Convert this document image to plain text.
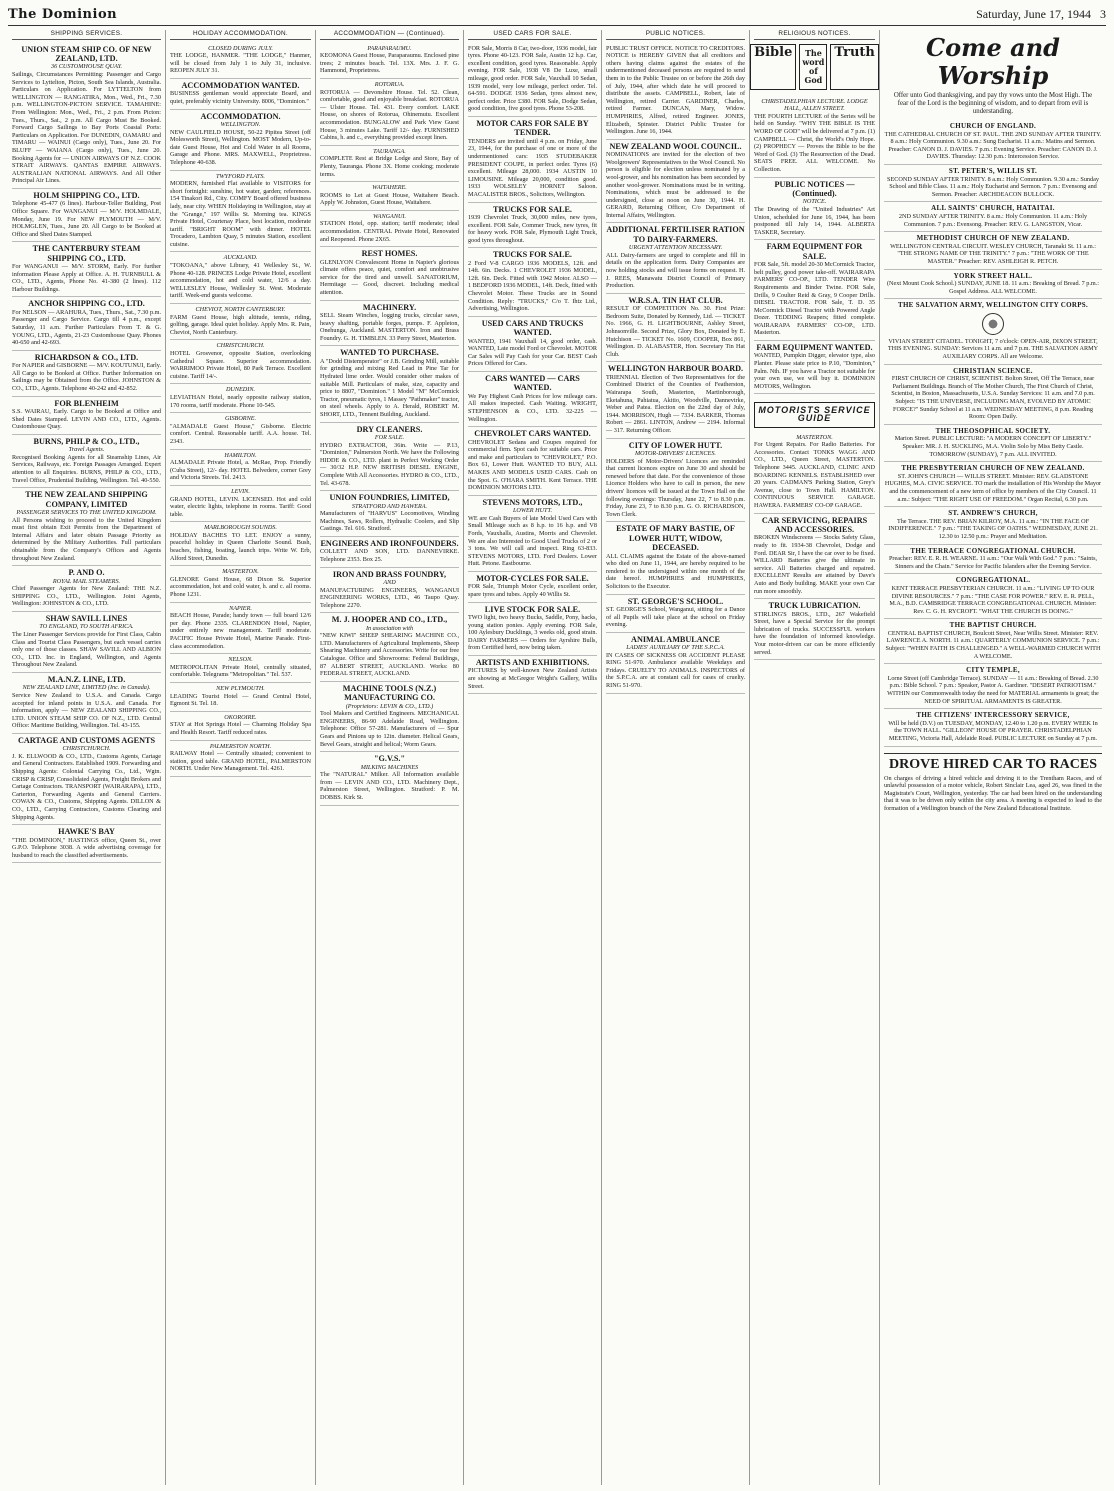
The Dominion	Saturday, June 17, 1944 3
SHIPPING SERVICES.
UNION STEAM SHIP CO. OF NEW ZEALAND, LTD.
36 CUSTOMHOUSE QUAY.

Sailings, Circumstances Permitting: Passenger and Cargo Services to Lyttelton, Picton, South Sea Islands, Australia. Particulars on Application. For LYTTELTON from WELLINGTON — RANGATIRA, Mon., Wed., Fri., 7.30 p.m. WELLINGTON-PICTON SERVICE. TAMAHINE: From Wellington: Mon., Wed., Fri., 2 p.m. From Picton: Tues., Thurs., Sat., 2 p.m. All Cargo Must Be Booked. Forward Cargo Sailings to Bay Ports Coastal Ports: Particulars on Application. For DUNEDIN, OAMARU and TIMARU — WAINUI (Cargo only), Tues., June 20. For BLUFF — WAIANA (Cargo only), Tues., June 20. Booking Agents for — UNION AIRWAYS OF N.Z. COOK STRAIT AIRWAYS. QANTAS EMPIRE AIRWAYS. AUSTRALIAN NATIONAL AIRWAYS. And All Other Principal Air Lines.

HOLM SHIPPING CO., LTD.

Telephone 45-477 (6 lines). Harbour-Teller Building, Post Office Square. For WANGANUI — M/V. HOLMDALE, Monday, June 19. For NEW PLYMOUTH — M/V. HOLMGLEN, Tues., June 20. All Cargo to be Booked at Office and Shed Dates Stamped.

THE CANTERBURY STEAM SHIPPING CO., LTD.

For WANGANUI — M/V. STORM, Early. For further information Please Apply at Office. A. H. TURNBULL & CO., LTD., Agents, Phone No. 41-380 (2 lines). 112 Harbour Buildings.

ANCHOR SHIPPING CO., LTD.

For NELSON — ARAHURA, Tues., Thurs., Sat., 7.30 p.m. Passenger and Cargo Service. Cargo till 4 p.m., except Saturday, 11 a.m. Further Particulars From T. & G. YOUNG, LTD., Agents, 21-23 Customhouse Quay. Phones 40-650 and 42-693.

RICHARDSON & CO., LTD.

For NAPIER and GISBORNE — M/V. KOUTUNUI, Early. All Cargo to be Booked at Office. Further Information on Sailings may be Obtained from the Office. JOHNSTON & CO., LTD., Agents. Telephone 40-242 and 42-852.

FOR BLENHEIM

S.S. WAIRAU, Early. Cargo to be Booked at Office and Shed Dates Stamped. LEVIN AND CO., LTD., Agents. Customhouse Quay.

BURNS, PHILP & CO., LTD.,
Travel Agents.

Recognised Booking Agents for all Steamship Lines, Air Services, Railways, etc. Foreign Passages Arranged. Expert attention to all Enquiries. BURNS, PHILP & CO., LTD., Travel Office, Prudential Building, Wellington. Tel. 40-550.

THE NEW ZEALAND SHIPPING COMPANY, LIMITED
PASSENGER SERVICES TO THE UNITED KINGDOM.

All Persons wishing to proceed to the United Kingdom must first obtain Exit Permits from the Department of Internal Affairs and later obtain Passage Priority as determined by the Military Authorities. Full particulars obtainable from the Company's Offices and Agents throughout New Zealand.

P. AND O.
ROYAL MAIL STEAMERS.

Chief Passenger Agents for New Zealand: THE N.Z. SHIPPING CO., LTD., Wellington. Joint Agents, Wellington: JOHNSTON & CO., LTD.

SHAW SAVILL LINES
TO ENGLAND, TO SOUTH AFRICA.

The Liner Passenger Services provide for First Class, Cabin Class and Tourist Class Passengers, but each vessel carries only one of those classes. SHAW SAVILL AND ALBION CO., LTD. Inc. in England, Wellington, and Agents Throughout New Zealand.

M.A.N.Z. LINE, LTD.
NEW ZEALAND LINE, LIMITED (Inc. in Canada).

Service New Zealand to U.S.A. and Canada. Cargo accepted for inland points in U.S.A. and Canada. For information, apply — NEW ZEALAND SHIPPING CO., LTD. UNION STEAM SHIP CO. OF N.Z., LTD. Central Office: Maritime Building, Wellington. Tel. 43-155.

CARTAGE AND CUSTOMS AGENTS
CHRISTCHURCH.

J. K. ELLWOOD & CO., LTD., Customs Agents, Cartage and General Contractors. Established 1909. Forwarding and Shipping Agents: Colonial Carrying Co., Ltd., Wgtn. CRISP & CRISP, Consolidated Agents, Freight Brokers and Cartage Contractors. TRANSPORT (WAIRARAPA), LTD., Carterton, Forwarding Agents and General Carriers. COWAN & CO., Customs, Shipping Agents. DILLON & CO., LTD., Carrying Contractors, Customs Clearing and Shipping Agents.

HAWKE'S BAY

"THE DOMINION," HASTINGS office, Queen St., over G.P.O. Telephone 3038. A wide advertising coverage for husband to reach the classified advertisements.

HOLIDAY ACCOMMODATION.
CLOSED DURING JULY.

THE LODGE, HANMER. "THE LODGE," Hanmer, will be closed from July 1 to July 31, inclusive. REOPEN JULY 31.

ACCOMMODATION WANTED.

BUSINESS gentleman would appreciate Board, and quiet, preferably vicinity University. 8006, "Dominion."

ACCOMMODATION.
WELLINGTON.

NEW CAULFIELD HOUSE, 50-22 Pipitea Street (off Molesworth Street), Wellington. MOST Modern, Up-to-date Guest House, Hot and Cold Water in all Rooms, Garage and Phone. MRS. MAXWELL, Proprietress. Telephone 40-638.

TWYFORD FLATS.

MODERN, furnished Flat available to VISITORS for short fortnight: sunshine, hot water, garden; references. 154 Tinakori Rd., City. COMFY Board offered business lady, near city. WHEN Holidaying in Wellington, stay at the "Grange," 197 Willis St. Morning tea. KINGS Private Hotel, Courtenay Place, best location, moderate tariff. "BRIGHT ROOM" with dinner. HOTEL Trocadero, Lambton Quay, 5 minutes Station, excellent cuisine.

AUCKLAND.

"TOKOANA," above Library, 41 Wellesley St., W. Phone 40-128. PRINCES Lodge Private Hotel, excellent accommodation, hot and cold water, 12/6 a day. WELLESLEY House, Wellesley St. West. Moderate tariff. Week-end guests welcome.

CHEVIOT, NORTH CANTERBURY.

FARM Guest House, high altitude, tennis, riding, golfing, garage. Ideal quiet holiday. Apply Mrs. R. Pain, Cheviot, North Canterbury.

CHRISTCHURCH.

HOTEL Grosvenor, opposite Station, overlooking Cathedral Square. Superior accommodation. WARRIMOO Private Hotel, 80 Park Terrace. Excellent cuisine. Tariff 14/-.

DUNEDIN.

LEVIATHAN Hotel, nearly opposite railway station, 170 rooms, tariff moderate. Phone 10-545.

GISBORNE.

"ALMADALE Guest House," Gisborne. Electric comfort. Central. Reasonable tariff. A.A. house. Tel. 2343.

HAMILTON.

ALMADALE Private Hotel, a. McRae, Prop. Friendly (Cuba Street), 12/- day. HOTEL Belvedere, corner Grey and Victoria Streets. Tel. 2413.

LEVIN.

GRAND HOTEL, LEVIN. LICENSED. Hot and cold water, electric lights, telephone in rooms. Tariff: Good table.

MARLBOROUGH SOUNDS.

HOLIDAY BACHES TO LET. ENJOY a sunny, peaceful holiday in Queen Charlotte Sound. Bush, beaches, fishing, boating, launch trips. Write W. Erb, Alford Street, Dunedin.

MASTERTON.

GLENORE Guest House, 68 Dixon St. Superior accommodation, hot and cold water, h. and c. all rooms. Phone 1231.

NAPIER.

BEACH House, Parade; handy town — full board 12/6 per day. Phone 2335. CLARENDON Hotel, Napier, under entirely new management. Tariff moderate. PACIFIC House Private Hotel, Marine Parade. First-class accommodation.

NELSON.

METROPOLITAN Private Hotel, centrally situated, comfortable. Telegrams "Metropolitan." Tel. 537.

NEW PLYMOUTH.

LEADING Tourist Hotel — Grand Central Hotel, Egmont St. Tel. 18.

OKOROIRE.

STAY at Hot Springs Hotel — Charming Holiday Spa and Health Resort. Tariff reduced rates.

PALMERSTON NORTH.

RAILWAY Hotel — Centrally situated; convenient to station, good table. GRAND HOTEL, PALMERSTON NORTH. Under New Management. Tel. 4261.

ACCOMMODATION — (Continued).
PARAPARAUMU.

KEOMONA Guest House, Paraparaumu. Enclosed pine trees; 2 minutes beach. Tel. 13X. Mrs. J. F. G. Hammond, Proprietress.

ROTORUA.

ROTORUA — Devonshire House. Tel. 52. Clean, comfortable, good and enjoyable breakfast. ROTORUA — Ulster House. Tel. 431. Every comfort. LAKE House, on shores of Rotorua, Ohinemutu. Excellent accommodation. BUNGALOW and Park View Guest House, 3 minutes Lake. Tariff 12/- day. FURNISHED Cabins, h. and c., everything provided except linen.

TAURANGA.

COMPLETE Rest at Bridge Lodge and Store, Bay of Plenty, Tauranga. Phone 3X. Home cooking; moderate terms.

WAITAHERE.

ROOMS to Let at Guest House, Waitahere Beach. Apply W. Johnston, Guest House, Waitahere.

WANGANUI.

STATION Hotel, opp. station; tariff moderate; ideal accommodation. CENTRAL Private Hotel, Renovated and Reopened. Phone 2X65.

REST HOMES.

GLENLYON Convalescent Home in Napier's glorious climate offers peace, quiet, comfort and unobtrusive service for the tired and unwell. SANATORIUM, Hermitage — Good, discreet. Including medical attention.

MACHINERY.

SELL Steam Winches, logging trucks, circular saws, heavy shafting, portable forges, pumps. F. Appleton, Onehunga, Auckland. MASTERTON. Iron and Brass Foundry. G. H. TIMBLEN. 33 Perry Street, Masterton.

WANTED TO PURCHASE.

A "Dodd Distemperator" or J.B. Grinding Mill, suitable for grinding and mixing Red Lead in Pine Tar for Hydrated lime order. Would consider other makes of suitable Mill. Particulars of make, size, capacity and price to 8807, "Dominion." 1 Model "M" McCormick Tractor, pneumatic tyres, 1 Massey "Pathmaker" tractor, on steel wheels. Apply to A. Herald, ROBERT M. SHORT, LTD., Tennent Building, Auckland.

DRY CLEANERS.
FOR SALE.

HYDRO EXTRACTOR, 36in. Write — P.13, "Dominion," Palmerston North. We have the Following HIDDE & CO., LTD. plant in Perfect Working Order — 30/32 H.P. NEW BRITISH DIESEL ENGINE, Complete With All Accessories. HYDRO & CO., LTD., Tel. 43-678.

UNION FOUNDRIES, LIMITED,
STRATFORD AND HAWERA.

Manufacturers of "HARVUS" Locomotives, Winding Machines, Saws, Rollers, Hydraulic Coolers, and Slip Castings. Tel. 616. Stratford.

ENGINEERS AND IRONFOUNDERS.

COLLETT AND SON, LTD. DANNEVIRKE. Telephone 2353. Box 25.

IRON AND BRASS FOUNDRY,
AND

MANUFACTURING ENGINEERS, WANGANUI ENGINEERING WORKS, LTD., 46 Taupo Quay. Telephone 2270.

M. J. HOOPER AND CO., LTD.,
In association with

"NEW KIWI" SHEEP SHEARING MACHINE CO., LTD. Manufacturers of Agricultural Implements, Sheep Shearing Machinery and Accessories. Write for our free Catalogue. Office and Showrooms: Federal Buildings, 87 ALBERT STREET, AUCKLAND. Works: 80 FEDERAL STREET, AUCKLAND.

MACHINE TOOLS (N.Z.) MANUFACTURING CO.
(Proprietors: LEVIN & CO., LTD.)

Tool Makers and Certified Engineers. MECHANICAL ENGINEERS, 86-90 Adelaide Road, Wellington. Telephone: Office 57-281. Manufacturers of — Spur Gears and Pinions up to 12in. diameter. Helical Gears, Bevel Gears, straight and helical; Worm Gears.

"G.V.S."
MILKING MACHINES

The "NATURAL" Milker. All Information available from — LEVIN AND CO., LTD. Machinery Dept., Palmerston Street, Wellington. Stratford: P. M. DOBBS. Kirk St.

USED CARS FOR SALE.

FOR Sale, Morris 8 Car, two-door, 1936 model, fair tyres. Phone 40-123. FOR Sale, Austin 12 h.p. Car, excellent condition, good tyres. Reasonable. Apply evening. FOR Sale, 1938 V8 De Luxe, small mileage, good order. FOR Sale, Vauxhall 10 Sedan, 1939 model, very low mileage, perfect order. Tel. 64-591. DODGE 1936 Sedan, tyres almost new, perfect order. Price £380. FOR Sale, Dodge Sedan, good condition, five good tyres. Phone 53-208.

MOTOR CARS FOR SALE BY TENDER.

TENDERS are invited until 4 p.m. on Friday, June 23, 1944, for the purchase of one or more of the undermentioned cars: 1935 STUDEBAKER PRESIDENT COUPE, in perfect order. Tyres (6) excellent. Mileage 28,000. 1934 AUSTIN 10 LIMOUSINE. Mileage 20,000, condition good. 1933 WOLSELEY HORNET Saloon. MACALISTER BROS., Solicitors, Wellington.

TRUCKS FOR SALE.

1939 Chevrolet Truck, 30,000 miles, new tyres, excellent. FOR Sale, Commer Truck, new tyres, fit for heavy work. FOR Sale, Plymouth Light Truck, good tyres throughout.

TRUCKS FOR SALE.

2 Ford V-8 CARGO 1936 MODELS, 12ft. and 14ft. 6in. Decks. 1 CHEVROLET 1936 MODEL, 12ft. 6in. Deck. Fitted with 1942 Motor. ALSO — 1 BEDFORD 1936 MODEL, 14ft. Deck, fitted with Chevrolet Motor. These Trucks are in Sound Condition. Reply: "TRUCKS," C/o T. Ihtz Ltd., Advertising, Wellington.

USED CARS AND TRUCKS WANTED.

WANTED, 1941 Vauxhall 14, good order, cash. WANTED, Late model Ford or Chevrolet. MOTOR Car Sales will Pay Cash for your Car. BEST Cash Prices Offered for Cars.

CARS WANTED — CARS WANTED.

We Pay Highest Cash Prices for low mileage cars. All makes inspected. Cash Waiting. WRIGHT, STEPHENSON & CO., LTD. 32-225 — Wellington.

CHEVROLET CARS WANTED.

CHEVROLET Sedans and Coupes required for commercial firm. Spot cash for suitable cars. Price and make and particulars to "CHEVROLET," P.O. Box 61, Lower Hutt. WANTED TO BUY, ALL MAKES AND MODELS USED CARS. Cash on the Spot. G. O'HARA SMITH. Kent Terrace. THE DOMINION MOTORS LTD.

STEVENS MOTORS, LTD.,
LOWER HUTT.

WE are Cash Buyers of late Model Used Cars with Small Mileage such as 8 h.p. to 16 h.p. and V8 Fords, Vauxhalls, Austins, Morris and Chevrolet. We are also Interested to Good Used Trucks of 2 or 3 tons. We will call and inspect. Ring 63-833. STEVENS MOTORS, LTD. Ford Dealers. Lower Hutt. Petone. Eastbourne.

MOTOR-CYCLES FOR SALE.

FOR Sale, Triumph Motor Cycle, excellent order, spare tyres and tubes. Apply 40 Willis St.

LIVE STOCK FOR SALE.

TWO light, two heavy Bucks, Saddle, Pony, hacks, young station ponies. Apply evening. FOR Sale, 100 Aylesbury Ducklings, 3 weeks old, good strain. DAIRY FARMERS — Orders for Ayrshire Bulls, from Certified herd, now being taken.

ARTISTS AND EXHIBITIONS.

PICTURES by well-known New Zealand Artists are showing at McGregor Wright's Gallery, Willis Street.

PUBLIC NOTICES.

PUBLIC TRUST OFFICE. NOTICE TO CREDITORS. NOTICE is HEREBY GIVEN that all creditors and others having claims against the estates of the undermentioned deceased persons are required to send them in to the Public Trustee on or before the 26th day of July, 1944, after which date he will proceed to distribute the assets. CAMPBELL, Robert, late of Wellington, retired Carrier. GARDINER, Charles, retired Farmer. DUNCAN, Mary, Widow. HUMPHRIES, Alfred, retired Engineer. JONES, Elizabeth, Spinster. District Public Trustee for Wellington. June 16, 1944.

NEW ZEALAND WOOL COUNCIL.

NOMINATIONS are invited for the election of two Woolgrowers' Representatives to the Wool Council. No person is eligible for election unless nominated by a wool-grower, and his nomination has been seconded by another wool-grower. Nominations must be in writing. Nominations, which must be addressed to the undersigned, close at noon on June 30, 1944. H. GERARD, Returning Officer, C/o Department of Internal Affairs, Wellington.

ADDITIONAL FERTILISER RATION TO DAIRY-FARMERS.
URGENT ATTENTION NECESSARY.

ALL Dairy-farmers are urged to complete and fill in details on the application form. Dairy Companies are now holding stocks and will issue forms on request. H. J. REES, Manawatu District Council of Primary Production.

W.R.S.A. TIN HAT CLUB.

RESULT OF COMPETITION No. 30. First Prize: Bedroom Suite, Donated by Kennedy, Ltd. — TICKET No. 1966, G. H. LIGHTBOURNE, Ashley Street, Johnsonville. Second Prize, Glory Box, Donated by E. Hutchison — TICKET No. 1609, COOPER, Box 861, Wellington. D. ALABASTER, Hon. Secretary Tin Hat Club.

WELLINGTON HARBOUR BOARD.

TRIENNIAL Election of Two Representatives for the Combined District of the Counties of Featherston, Wairarapa South, Masterton, Martinborough, Eketahuna, Pahiatua, Akitio, Woodville, Dannevirke, Weber and Patea. Election on the 22nd day of July, 1944. MORRISON, Hugh — 7334. BARKER, Thomas Robert — 2861. LINTON, Andrew — 2194. Informal — 317. Returning Officer.

CITY OF LOWER HUTT.
MOTOR-DRIVERS' LICENCES.

HOLDERS of Motor-Drivers' Licences are reminded that current licences expire on June 30 and should be renewed before that date. For the convenience of those Licence Holders who have to call in person, the new drivers' licences will be issued at the Town Hall on the following evenings: Thursday, June 22, 7 to 8.30 p.m. Friday, June 23, 7 to 8.30 p.m. G. O. RICHARDSON, Town Clerk.

ESTATE OF MARY BASTIE, OF LOWER HUTT, WIDOW, DECEASED.

ALL CLAIMS against the Estate of the above-named who died on June 11, 1944, are hereby required to be rendered to the undersigned within one month of the date hereof. HUMPHRIES and HUMPHRIES, Solicitors to the Executor.

ST. GEORGE'S SCHOOL.

ST. GEORGE'S School, Wanganui, sitting for a Dance of all Pupils will take place at the school on Friday evening.

ANIMAL AMBULANCE
LADIES' AUXILIARY OF THE S.P.C.A.

IN CASES OF SICKNESS OR ACCIDENT PLEASE RING 51-970. Ambulance available Weekdays and Fridays. CRUELTY TO ANIMALS. INSPECTORS of the S.P.C.A. are at constant call for cases of cruelty. RING 51-970.

RELIGIOUS NOTICES.
Bible	The
word of
God
Truth
CHRISTADELPHIAN LECTURE. LODGE HALL, ALLEN STREET.

THE FOURTH LECTURE of the Series will be held on Sunday. "WHY THE BIBLE IS THE WORD OF GOD" will be delivered at 7 p.m. (1) CAMPBELL — Christ, the World's Only Hope. (2) PROPHECY — Proves the Bible to be the Word of God. (3) The Resurrection of the Dead. SEATS FREE. ALL WELCOME. No Collection.

PUBLIC NOTICES — (Continued).
NOTICE.

The Drawing of the "United Industries" Art Union, scheduled for June 16, 1944, has been postponed till July 14, 1944. ALBERTA TASKER, Secretary.

FARM EQUIPMENT FOR SALE.

FOR Sale, 5ft. model 20-30 McCormick Tractor, belt pulley, good power take-off. WAIRARAPA FARMERS' CO-OP., LTD. TENDER Wire Requirements and Binder Twine. FOR Sale, Drills, 9 Coulter Reid & Gray, 9 Cooper Drills. DIESEL TRACTOR. FOR Sale, T. D. 35 McCormick Diesel Tractor with Powered Angle Dozer. TEDDING Reapers; fitted complete. WAIRARAPA FARMERS' CO-OP., LTD. Masterton.

FARM EQUIPMENT WANTED.

WANTED, Pumpkin Digger, elevator type, also Planter. Please state price to P.10, "Dominion," Palm. Nth. IF you have a Tractor not suitable for your own use, we will buy it. DOMINION MOTORS, Wellington.

MOTORISTS SERVICE GUIDE
MASTERTON.

For Urgent Repairs. For Radio Batteries. For Accessories. Contact TONKS WAGG AND CO., LTD., Queen Street, MASTERTON. Telephone 3445. AUCKLAND, CLINIC AND BOARDING KENNELS. ESTABLISHED over 20 years. CADMAN'S Parking Station, Grey's Avenue, close to Town Hall. HAMILTON. CONTINUOUS SERVICE GARAGE. HAWERA. FARMERS' CO-OP GARAGE.

CAR SERVICING, REPAIRS AND ACCESSORIES.

BROKEN Windscreens — Stocks Safety Glass, ready to fit. 1934-38 Chevrolet, Dodge and Ford. DEAR Sir, I have the car over to be fixed. WILLARD Batteries give the ultimate in service. All Batteries charged and repaired. EXCELLENT Results are attained by Dave's Auto and Body building. MAKE your own Car run more smoothly.

TRUCK LUBRICATION.

STIRLING'S BROS., LTD., 267 Wakefield Street, have a Special Service for the prompt lubrication of trucks. SUCCESSFUL workers have the foundation of informed knowledge. Your motor-driven car can be more efficiently served.

Come and Worship
Offer unto God thanksgiving, and pay thy vows unto the Most High. The fear of the Lord is the beginning of wisdom, and to depart from evil is understanding.
CHURCH OF ENGLAND.

THE CATHEDRAL CHURCH OF ST. PAUL. THE 2ND SUNDAY AFTER TRINITY. 8 a.m.: Holy Communion. 9.30 a.m.: Sung Eucharist. 11 a.m.: Matins and Sermon. Preacher: CANON D. J. DAVIES. 7 p.m.: Evening Service. Preacher: CANON D. J. DAVIES. Thursday: 12.30 p.m.: Intercession Service.

ST. PETER'S, WILLIS ST.

SECOND SUNDAY AFTER TRINITY. 8 a.m.: Holy Communion. 9.30 a.m.: Sunday School and Bible Class. 11 a.m.: Holy Eucharist and Sermon. 7 p.m.: Evensong and Sermon. Preacher: ARCHDEACON BULLOCK.

ALL SAINTS' CHURCH, HATAITAI.

2ND SUNDAY AFTER TRINITY. 8 a.m.: Holy Communion. 11 a.m.: Holy Communion. 7 p.m.: Evensong. Preacher: REV. G. LANGSTON, Vicar.

METHODIST CHURCH OF NEW ZEALAND.

WELLINGTON CENTRAL CIRCUIT. WESLEY CHURCH, Taranaki St. 11 a.m.: "THE STRONG NAME OF THE TRINITY." 7 p.m.: "THE WORK OF THE MASTER." Preacher: REV. ASHLEIGH R. PETCH.

YORK STREET HALL.

(Next Mount Cook School.) SUNDAY, JUNE 18. 11 a.m.: Breaking of Bread. 7 p.m.: Gospel Address. ALL WELCOME.

THE SALVATION ARMY, WELLINGTON CITY CORPS.

VIVIAN STREET CITADEL. TONIGHT, 7 o'clock: OPEN-AIR, DIXON STREET, THIS EVENING. SUNDAY: Services 11 a.m. and 7 p.m. THE SALVATION ARMY AUXILIARY CORPS. All are Welcome.

CHRISTIAN SCIENCE.

FIRST CHURCH OF CHRIST, SCIENTIST. Bolton Street, Off The Terrace, near Parliament Buildings. Branch of The Mother Church, The First Church of Christ, Scientist, in Boston, Massachusetts, U.S.A. Sunday Services: 11 a.m. and 7.0 p.m. Subject: "IS THE UNIVERSE, INCLUDING MAN, EVOLVED BY ATOMIC FORCE?" Sunday School at 11 a.m. WEDNESDAY MEETING, 8 p.m. Reading Room: Open Daily.

THE THEOSOPHICAL SOCIETY.

Marion Street. PUBLIC LECTURE: "A MODERN CONCEPT OF LIBERTY." Speaker: MR. J. H. SUCKLING, M.A. Violin Solo by Miss Betty Castle. TOMORROW (SUNDAY), 7 p.m. ALL INVITED.

THE PRESBYTERIAN CHURCH OF NEW ZEALAND.

ST. JOHN'S CHURCH — WILLIS STREET. Minister: REV. GLADSTONE HUGHES, M.A. CIVIC SERVICE. TO mark the installation of His Worship the Mayor and the commencement of a new term of office by members of the City Council. 11 a.m.: Subject: "THE RIGHT USE OF FREEDOM." Organ Recital, 6.30 p.m.

ST. ANDREW'S CHURCH,

The Terrace. THE REV. BRIAN KILROY, M.A. 11 a.m.: "IN THE FACE OF INDIFFERENCE." 7 p.m.: "THE TAKING OF OATHS." WEDNESDAY, JUNE 21. 12.30 to 12.50 p.m.: Prayer and Meditation.

THE TERRACE CONGREGATIONAL CHURCH.

Preacher: REV. E. R. H. WEARNE. 11 a.m.: "Our Walk With God." 7 p.m.: "Saints, Sinners and the Chain." Service for Pacific Islanders after the Evening Service.

CONGREGATIONAL.

KENT TERRACE PRESBYTERIAN CHURCH. 11 a.m.: "LIVING UP TO OUR DIVINE RESOURCES." 7 p.m.: "THE CASE FOR POWER." REV. E. R. PELL, M.A., B.D. CAMBRIDGE TERRACE CONGREGATIONAL CHURCH. Minister: Rev. C. G. H. RYCROFT. "WHAT THE CHURCH IS DOING."

THE BAPTIST CHURCH.

CENTRAL BAPTIST CHURCH, Boulcott Street, Near Willis Street. Minister: REV. LAWRENCE A. NORTH. 11 a.m.: QUARTERLY COMMUNION SERVICE. 7 p.m.: Subject: "WHEN FAITH IS CHALLENGED." A WELL-WARMED CHURCH WITH A WELCOME.

CITY TEMPLE,

Lorne Street (off Cambridge Terrace). SUNDAY — 11 a.m.: Breaking of Bread. 2.30 p.m.: Bible School. 7 p.m.: Speaker, Pastor A. Gardiner. "DESERT PATRIOTISM." WITHIN our Commonwealth today the need for MATERIAL armaments is great; the NEED OF SPIRITUAL ARMAMENTS IS GREATER.

THE CITIZENS' INTERCESSORY SERVICE,

Will be held (D.V.) on TUESDAY, MONDAY, 12.40 to 1.20 p.m. EVERY WEEK In the TOWN HALL. "GILLEON" HOUSE OF PRAYER. CHRISTADELPHIAN MEETING, Victoria Hall, Adelaide Road. PUBLIC LECTURE on Sunday at 7 p.m.

DROVE HIRED CAR TO RACES

On charges of driving a hired vehicle and driving it to the Trentham Races, and of unlawful possession of a motor vehicle, Robert Sinclair Lea, aged 26, was fined in the Magistrate's Court, Wellington, yesterday. The car had been hired on the understanding that it was to be driven only within the city area. A meeting is expected to lead to the formation of a Wellington branch of the New Zealand Educational Institute.
